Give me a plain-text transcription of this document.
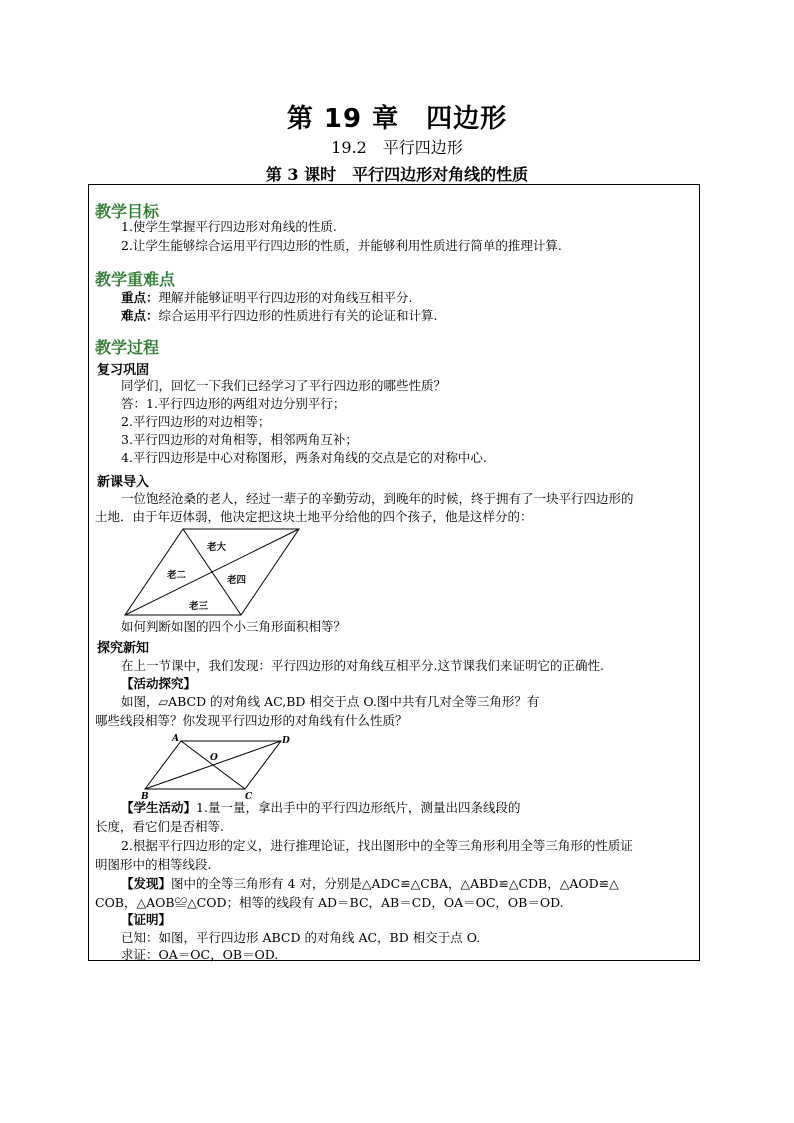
第 19 章　四边形
19.2　平行四边形
第 3 课时　平行四边形对角线的性质
教学目标
1.使学生掌握平行四边形对角线的性质.
2.让学生能够综合运用平行四边形的性质，并能够利用性质进行简单的推理计算.
教学重难点
重点：理解并能够证明平行四边形的对角线互相平分.
难点：综合运用平行四边形的性质进行有关的论证和计算.
教学过程
复习巩固
同学们，回忆一下我们已经学习了平行四边形的哪些性质？
答：1.平行四边形的两组对边分别平行；
2.平行四边形的对边相等；
3.平行四边形的对角相等，相邻两角互补；
4.平行四边形是中心对称图形，两条对角线的交点是它的对称中心.
新课导入
一位饱经沧桑的老人，经过一辈子的辛勤劳动，到晚年的时候，终于拥有了一块平行四边形的
土地．由于年迈体弱，他决定把这块土地平分给他的四个孩子，他是这样分的：
老大
老二	老四
老三
如何判断如图的四个小三角形面积相等？
探究新知
在上一节课中，我们发现：平行四边形的对角线互相平分.这节课我们来证明它的正确性.
【活动探究】
如图，▱ABCD 的对角线 AC,BD 相交于点 O.图中共有几对全等三角形？有
哪些线段相等？你发现平行四边形的对角线有什么性质？
A
B	C
D
O
【学生活动】1.量一量，拿出手中的平行四边形纸片，测量出四条线段的
长度，看它们是否相等.
2.根据平行四边形的定义，进行推理论证，找出图形中的全等三角形利用全等三角形的性质证
明图形中的相等线段.
【发现】图中的全等三角形有 4 对，分别是△ADC≌△CBA，△ABD≌△CDB，△AOD≌△
COB，△AOB≌△COD；相等的线段有 AD＝BC，AB＝CD，OA＝OC，OB＝OD.
【证明】
已知：如图，平行四边形 ABCD 的对角线 AC，BD 相交于点 O.
求证：OA＝OC，OB＝OD.
